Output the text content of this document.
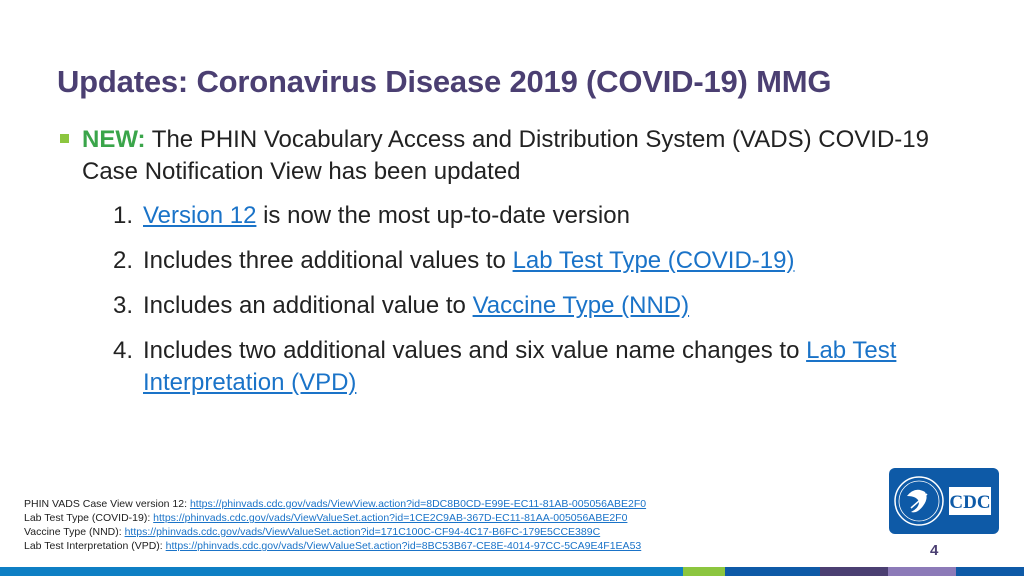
Updates: Coronavirus Disease 2019 (COVID-19) MMG
NEW: The PHIN Vocabulary Access and Distribution System (VADS) COVID-19 Case Notification View has been updated
1. Version 12 is now the most up-to-date version
2. Includes three additional values to Lab Test Type (COVID-19)
3. Includes an additional value to Vaccine Type (NND)
4. Includes two additional values and six value name changes to Lab Test Interpretation (VPD)
PHIN VADS Case View version 12: https://phinvads.cdc.gov/vads/ViewView.action?id=8DC8B0CD-E99E-EC11-81AB-005056ABE2F0
Lab Test Type (COVID-19): https://phinvads.cdc.gov/vads/ViewValueSet.action?id=1CE2C9AB-367D-EC11-81AA-005056ABE2F0
Vaccine Type (NND): https://phinvads.cdc.gov/vads/ViewValueSet.action?id=171C100C-CF94-4C17-B6FC-179E5CCE389C
Lab Test Interpretation (VPD): https://phinvads.cdc.gov/vads/ViewValueSet.action?id=8BC53B67-CE8E-4014-97CC-5CA9E4F1EA53
CDC
4
